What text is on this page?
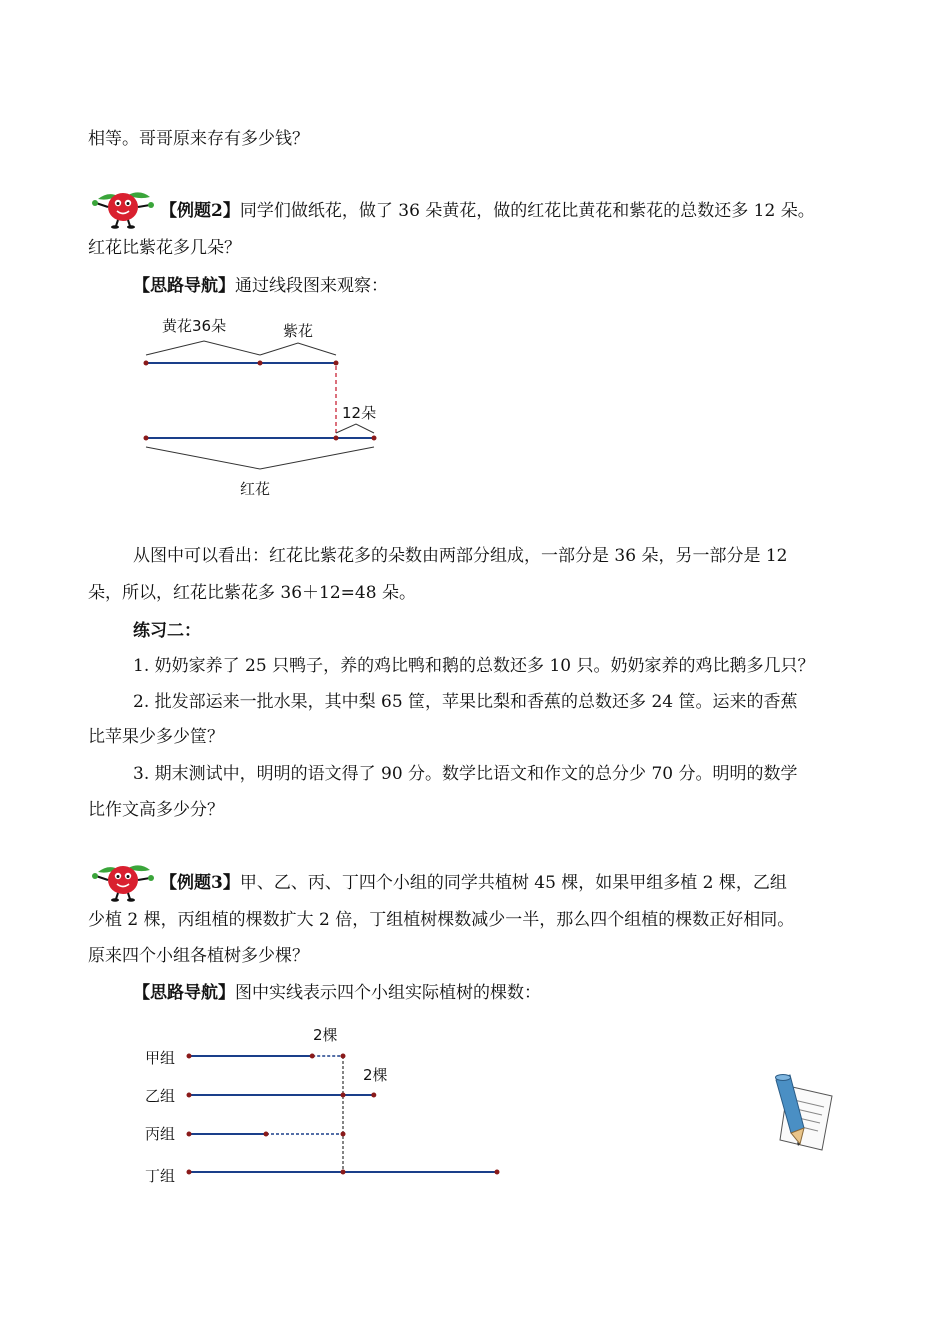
相等。哥哥原来存有多少钱？
【例题2】同学们做纸花，做了 36 朵黄花，做的红花比黄花和紫花的总数还多 12 朵。
红花比紫花多几朵？
【思路导航】通过线段图来观察：
黄花36朵	紫花
12朵
红花
从图中可以看出：红花比紫花多的朵数由两部分组成，一部分是 36 朵，另一部分是 12
朵，所以，红花比紫花多 36＋12=48 朵。
练习二：
1. 奶奶家养了 25 只鸭子，养的鸡比鸭和鹅的总数还多 10 只。奶奶家养的鸡比鹅多几只？
2. 批发部运来一批水果，其中梨 65 筐，苹果比梨和香蕉的总数还多 24 筐。运来的香蕉
比苹果少多少筐？
3. 期末测试中，明明的语文得了 90 分。数学比语文和作文的总分少 70 分。明明的数学
比作文高多少分？
【例题3】甲、乙、丙、丁四个小组的同学共植树 45 棵，如果甲组多植 2 棵，乙组
少植 2 棵，丙组植的棵数扩大 2 倍，丁组植树棵数减少一半，那么四个组植的棵数正好相同。
原来四个小组各植树多少棵？
【思路导航】图中实线表示四个小组实际植树的棵数：
甲组
乙组
丙组
丁组
2棵
2棵
